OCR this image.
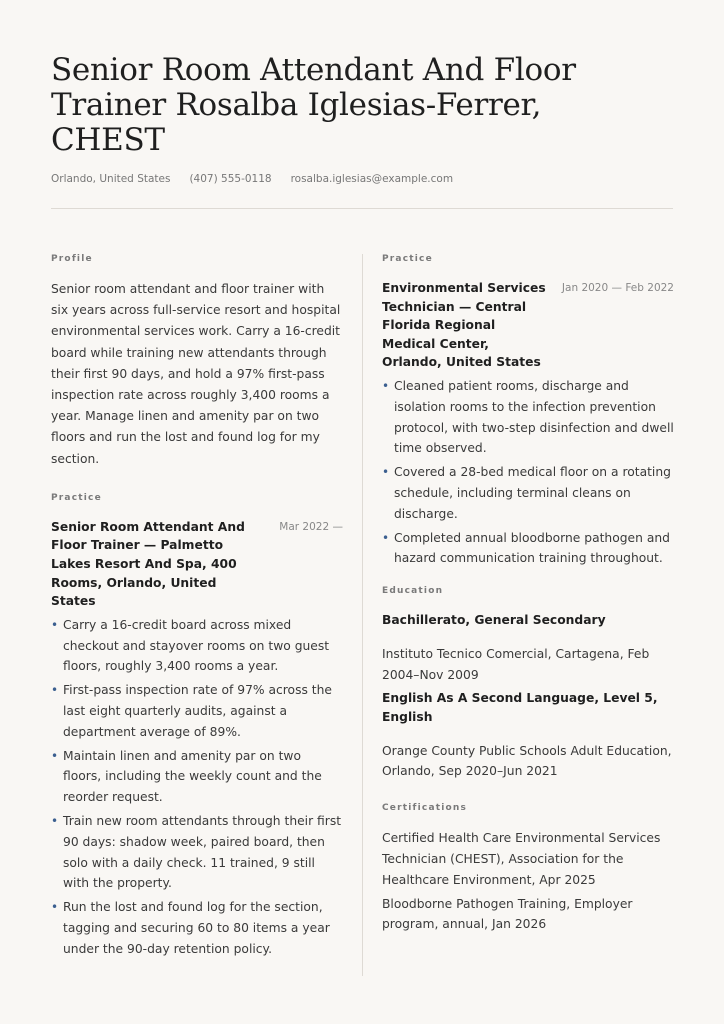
Senior Room Attendant And Floor Trainer Rosalba Iglesias-Ferrer, CHEST
Orlando, United States (407) 555-0118 rosalba.iglesias@example.com
Profile

Senior room attendant and floor trainer with six years across full-service resort and hospital environmental services work. Carry a 16-credit board while training new attendants through their first 90 days, and hold a 97% first-pass inspection rate across roughly 3,400 rooms a year. Manage linen and amenity par on two floors and run the lost and found log for my section.

Practice
Senior Room Attendant And Floor Trainer — Palmetto Lakes Resort And Spa, 400 Rooms, Orlando, United States
Mar 2022 —
• Carry a 16-credit board across mixed checkout and stayover rooms on two guest floors, roughly 3,400 rooms a year.
• First-pass inspection rate of 97% across the last eight quarterly audits, against a department average of 89%.
• Maintain linen and amenity par on two floors, including the weekly count and the reorder request.
• Train new room attendants through their first 90 days: shadow week, paired board, then solo with a daily check. 11 trained, 9 still with the property.
• Run the lost and found log for the section, tagging and securing 60 to 80 items a year under the 90-day retention policy.
Practice
Environmental Services Technician — Central Florida Regional Medical Center, Orlando, United States
Jan 2020 — Feb 2022
• Cleaned patient rooms, discharge and isolation rooms to the infection prevention protocol, with two-step disinfection and dwell time observed.
• Covered a 28-bed medical floor on a rotating schedule, including terminal cleans on discharge.
• Completed annual bloodborne pathogen and hazard communication training throughout.
Education
Bachillerato, General Secondary
Instituto Tecnico Comercial, Cartagena, Feb 2004–Nov 2009
English As A Second Language, Level 5, English
Orange County Public Schools Adult Education, Orlando, Sep 2020–Jun 2021
Certifications
Certified Health Care Environmental Services Technician (CHEST), Association for the Healthcare Environment, Apr 2025
Bloodborne Pathogen Training, Employer program, annual, Jan 2026
